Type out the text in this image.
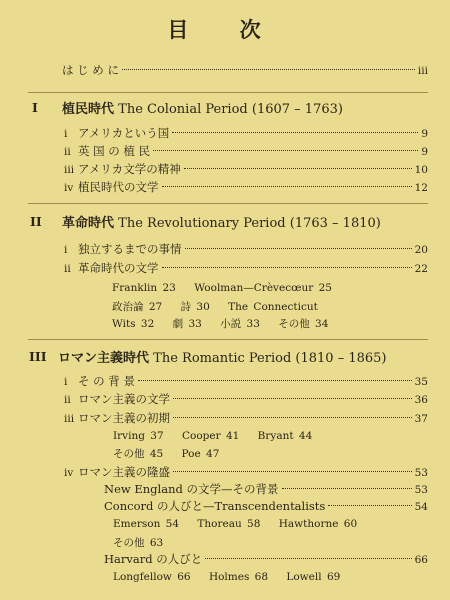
目 次
は じ め に	iii
I 植民時代 The Colonial Period (1607 – 1763)
i アメリカという国	9
ii 英 国 の 植 民	9
iii アメリカ文学の精神	10
iv 植民時代の文学	12
II 革命時代 The Revolutionary Period (1763 – 1810)
i 独立するまでの事情	20
ii 革命時代の文学	22
Franklin 23 Woolman—Crèvecœur 25
政治論 27 詩 30 The Connecticut
Wits 32 劇 33 小説 33 その他 34
III ロマン主義時代 The Romantic Period (1810 – 1865)
i そ の 背 景	35
ii ロマン主義の文学	36
iii ロマン主義の初期	37
Irving 37 Cooper 41 Bryant 44
その他 45 Poe 47
iv ロマン主義の隆盛	53
New England の文学—その背景	53
Concord の人びと—Transcendentalists	54
Emerson 54 Thoreau 58 Hawthorne 60
その他 63
Harvard の人びと	66
Longfellow 66 Holmes 68 Lowell 69
